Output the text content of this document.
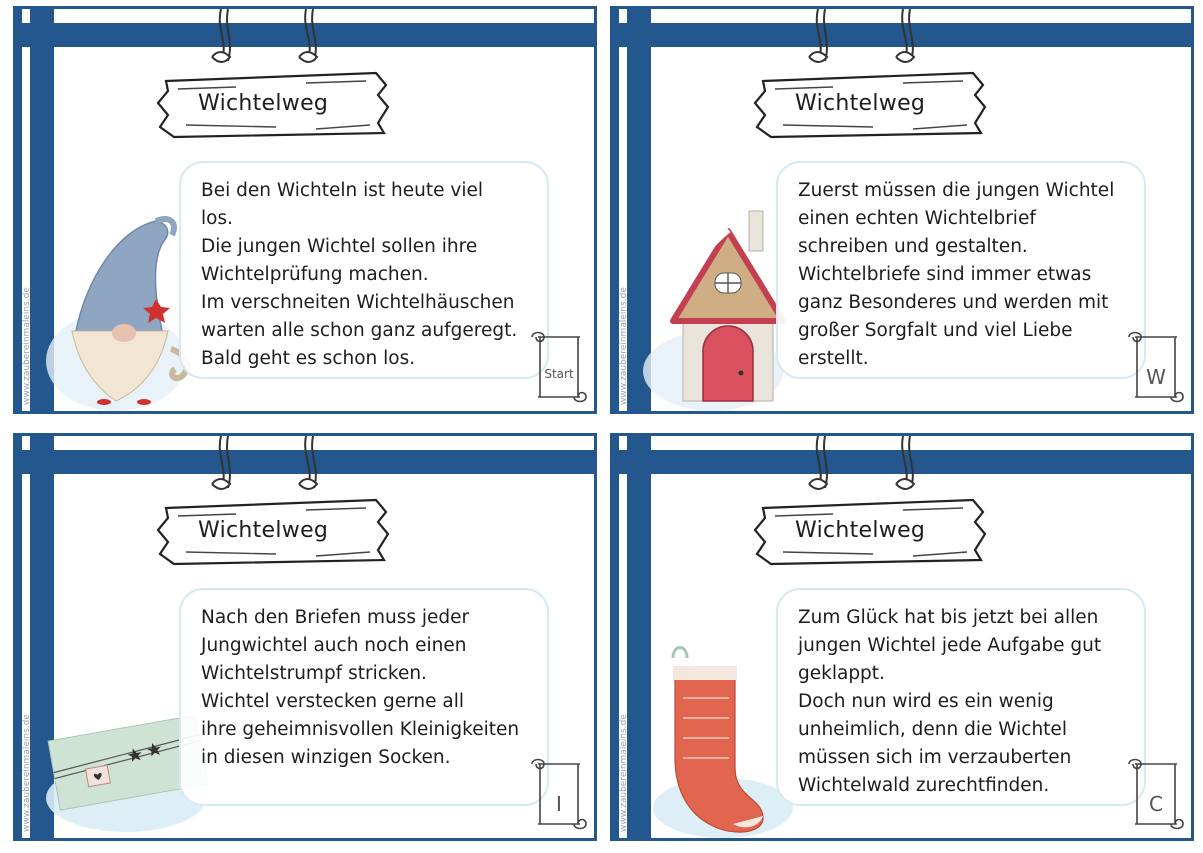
Wichtelweg

Bei den Wichteln ist heute viel
los.
Die jungen Wichtel sollen ihre
Wichtelprüfung machen.
Im verschneiten Wichtelhäuschen
warten alle schon ganz aufgeregt.
Bald geht es schon los.

Start
www.zaubereinmaleins.de
Wichtelweg

Zuerst müssen die jungen Wichtel
einen echten Wichtelbrief
schreiben und gestalten.
Wichtelbriefe sind immer etwas
ganz Besonderes und werden mit
großer Sorgfalt und viel Liebe
erstellt.

W
www.zaubereinmaleins.de
Wichtelweg

Nach den Briefen muss jeder
Jungwichtel auch noch einen
Wichtelstrumpf stricken.
Wichtel verstecken gerne all
ihre geheimnisvollen Kleinigkeiten
in diesen winzigen Socken.

I
www.zaubereinmaleins.de
Wichtelweg

Zum Glück hat bis jetzt bei allen
jungen Wichtel jede Aufgabe gut
geklappt.
Doch nun wird es ein wenig
unheimlich, denn die Wichtel
müssen sich im verzauberten
Wichtelwald zurechtfinden.

C
www.zaubereinmaleins.de
